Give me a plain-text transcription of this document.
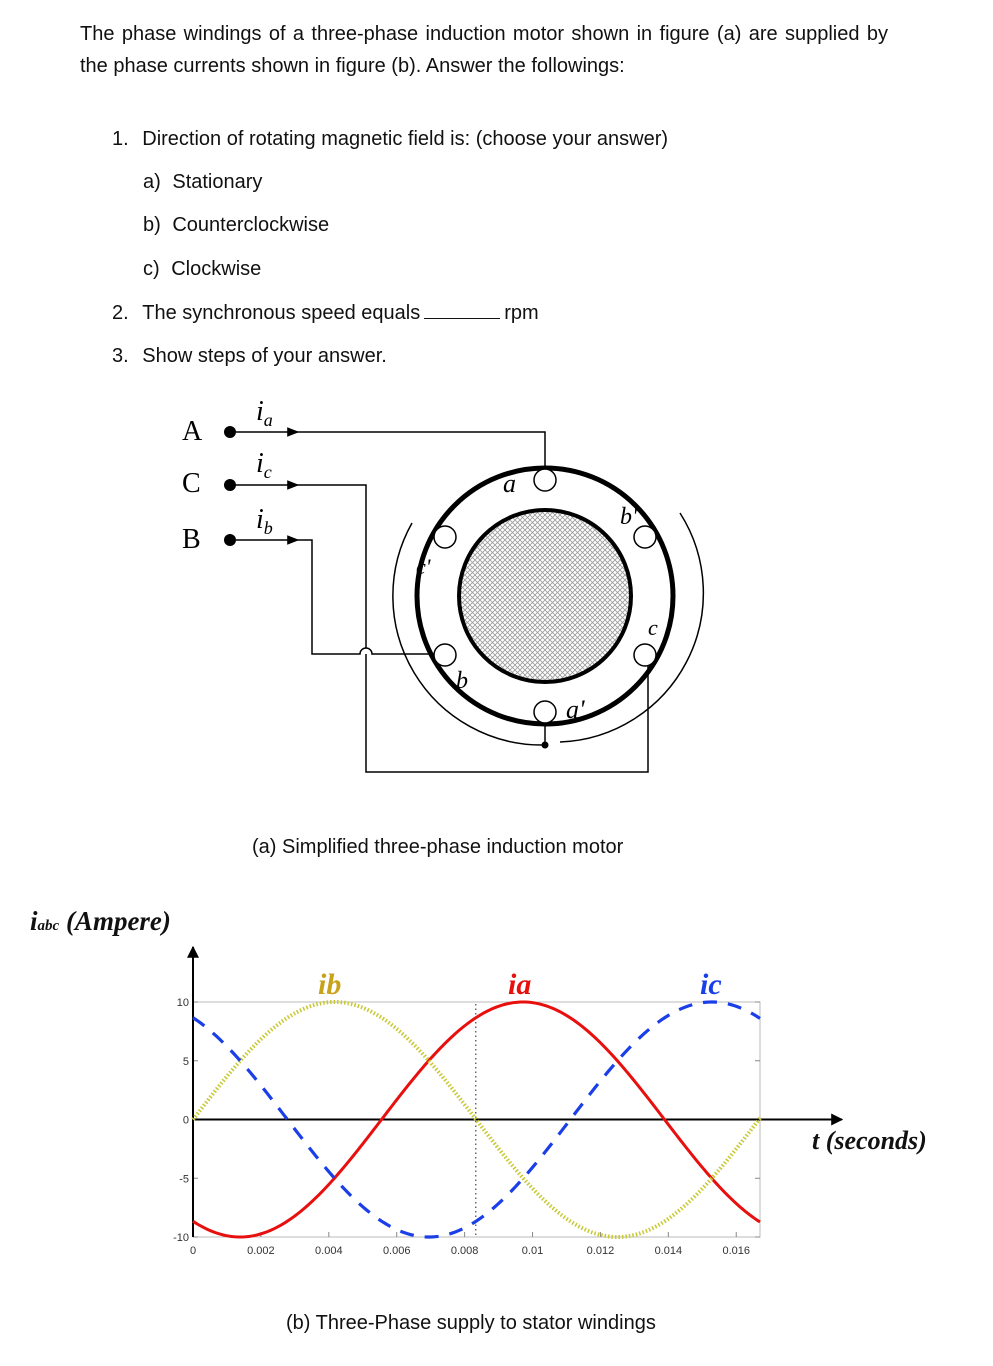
The phase windings of a three-phase induction motor shown in figure (a) are supplied by the phase currents shown in figure (b). Answer the followings:
1. Direction of rotating magnetic field is: (choose your answer)
a) Stationary
b) Counterclockwise
c) Clockwise
2. The synchronous speed equals	rpm
3. Show steps of your answer.
A
C
B
$i_a$
$i_c$
$i_b$
a
b'
c'
c
b
a'
(a) Simplified three-phase induction motor
iabc (Ampere)
t (seconds)
10
5
0
-5
-10
0	0.002	0.004	0.006	0.008	0.01	0.012	0.014	0.016
ib	ia	ic
(b) Three-Phase supply to stator windings
